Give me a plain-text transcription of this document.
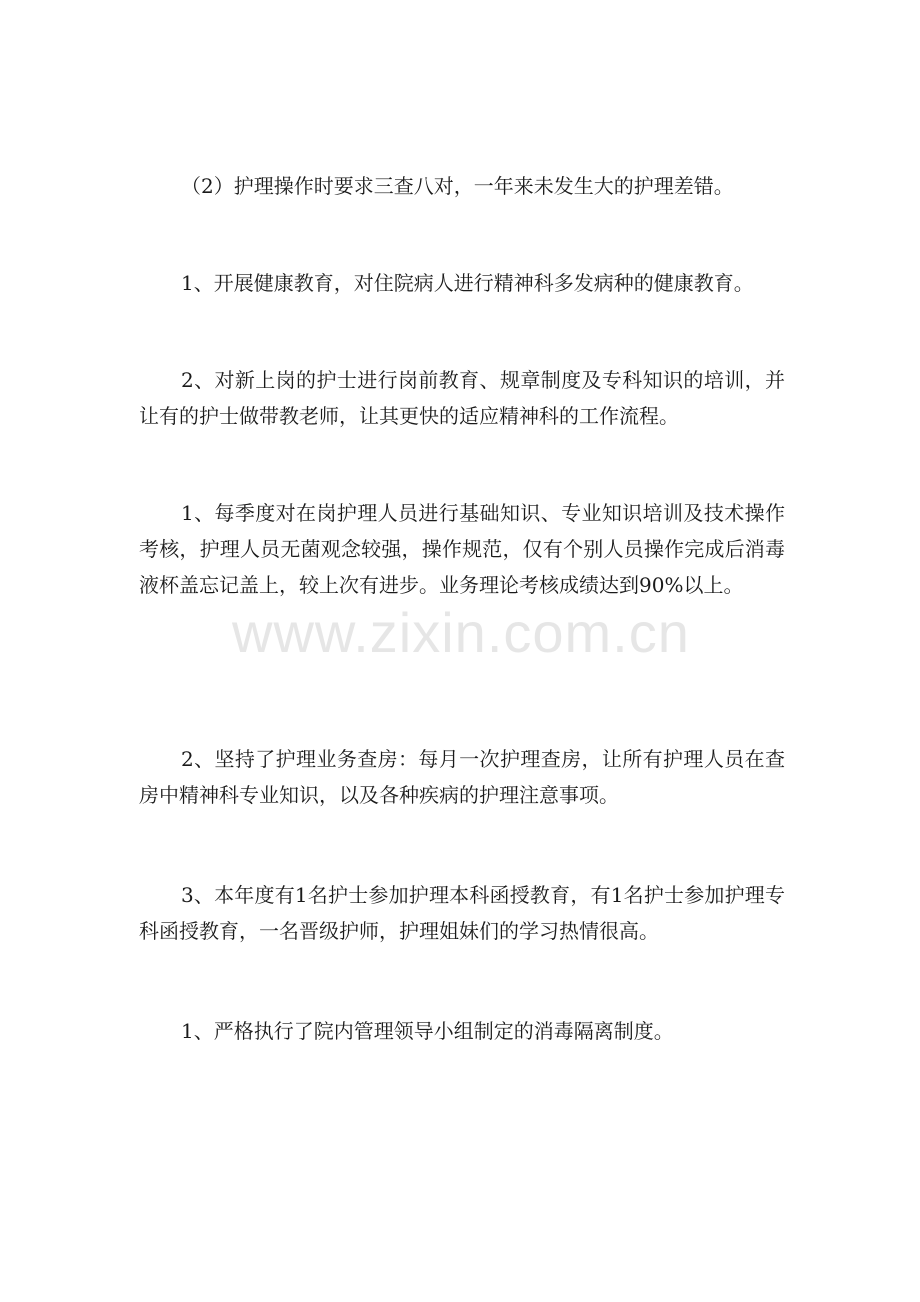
（2）护理操作时要求三查八对，一年来未发生大的护理差错。

1、开展健康教育，对住院病人进行精神科多发病种的健康教育。

2、对新上岗的护士进行岗前教育、规章制度及专科知识的培训，并让有的护士做带教老师，让其更快的适应精神科的工作流程。

1、每季度对在岗护理人员进行基础知识、专业知识培训及技术操作考核，护理人员无菌观念较强，操作规范，仅有个别人员操作完成后消毒液杯盖忘记盖上，较上次有进步。业务理论考核成绩达到90%以上。

2、坚持了护理业务查房：每月一次护理查房，让所有护理人员在查房中精神科专业知识，以及各种疾病的护理注意事项。

3、本年度有1名护士参加护理本科函授教育，有1名护士参加护理专科函授教育，一名晋级护师，护理姐妹们的学习热情很高。

1、严格执行了院内管理领导小组制定的消毒隔离制度。

www.zixin.com.cn
